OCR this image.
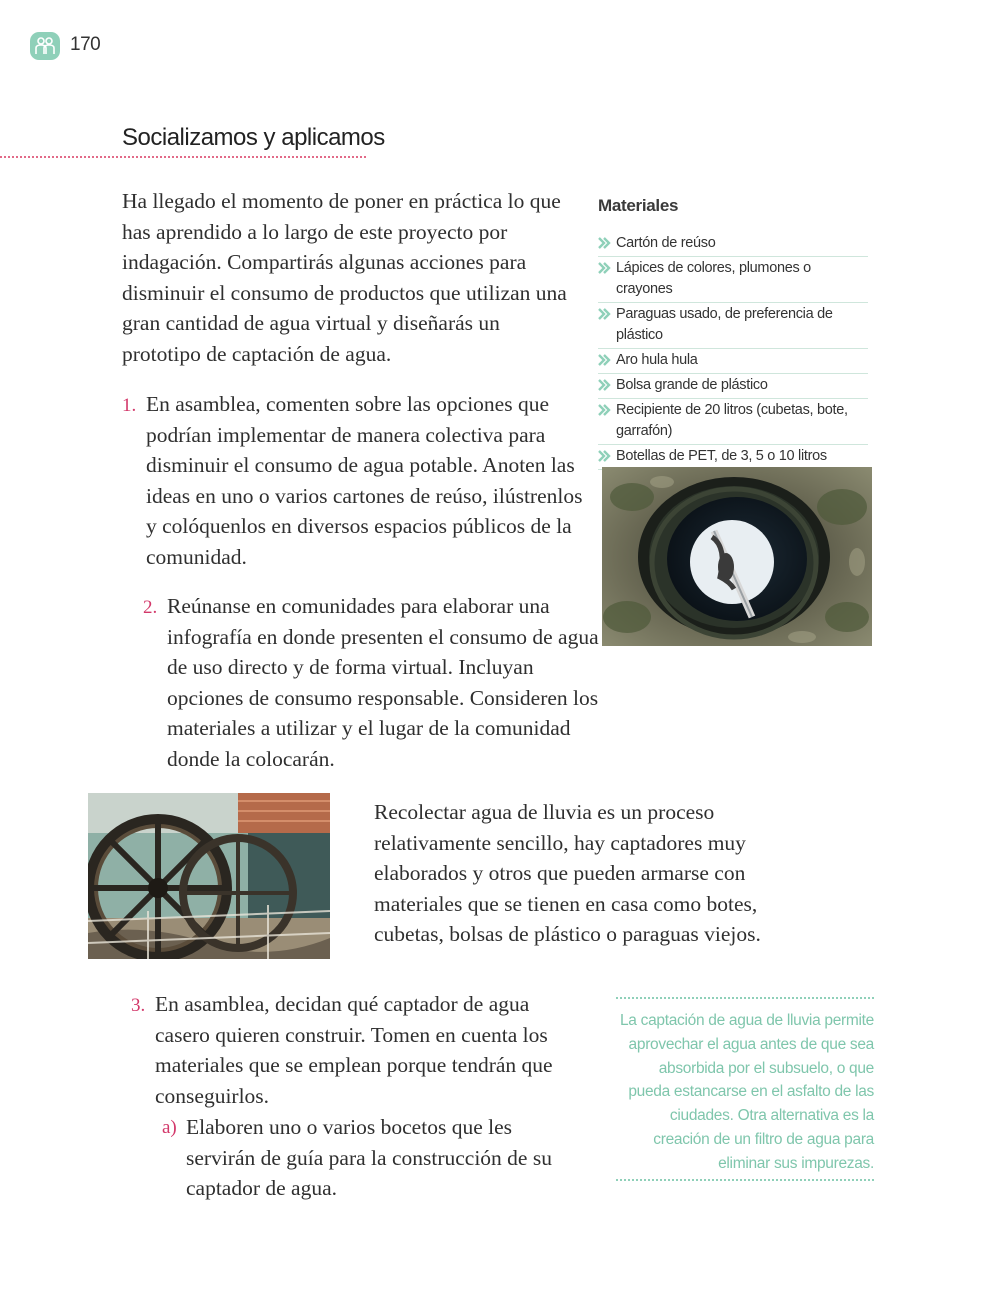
170
Socializamos y aplicamos
Ha llegado el momento de poner en práctica lo que has aprendido a lo largo de este proyecto por indagación. Compartirás algunas acciones para disminuir el consumo de productos que utilizan una gran cantidad de agua virtual y diseñarás un prototipo de captación de agua.
1. En asamblea, comenten sobre las opciones que podrían implementar de manera colectiva para disminuir el consumo de agua potable. Anoten las ideas en uno o varios cartones de reúso, ilústrenlos y colóquenlos en diversos espacios públicos de la comunidad.
2. Reúnanse en comunidades para elaborar una infografía en donde presenten el consumo de agua de uso directo y de forma virtual. Incluyan opciones de consumo responsable. Consideren los materiales a utilizar y el lugar de la comunidad donde la colocarán.
Materiales
Cartón de reúso
Lápices de colores, plumones o crayones
Paraguas usado, de preferencia de plástico
Aro hula hula
Bolsa grande de plástico
Recipiente de 20 litros (cubetas, bote, garrafón)
Botellas de PET, de 3, 5 o 10 litros
Recolectar agua de lluvia es un proceso relativamente sencillo, hay captadores muy elaborados y otros que pueden armarse con materiales que se tienen en casa como botes, cubetas, bolsas de plástico o paraguas viejos.
3. En asamblea, decidan qué captador de agua casero quieren construir. Tomen en cuenta los materiales que se emplean porque tendrán que conseguirlos.
a) Elaboren uno o varios bocetos que les servirán de guía para la construcción de su captador de agua.
La captación de agua de lluvia permite aprovechar el agua antes de que sea absorbida por el subsuelo, o que pueda estancarse en el asfalto de las ciudades. Otra alternativa es la creación de un filtro de agua para eliminar sus impurezas.
